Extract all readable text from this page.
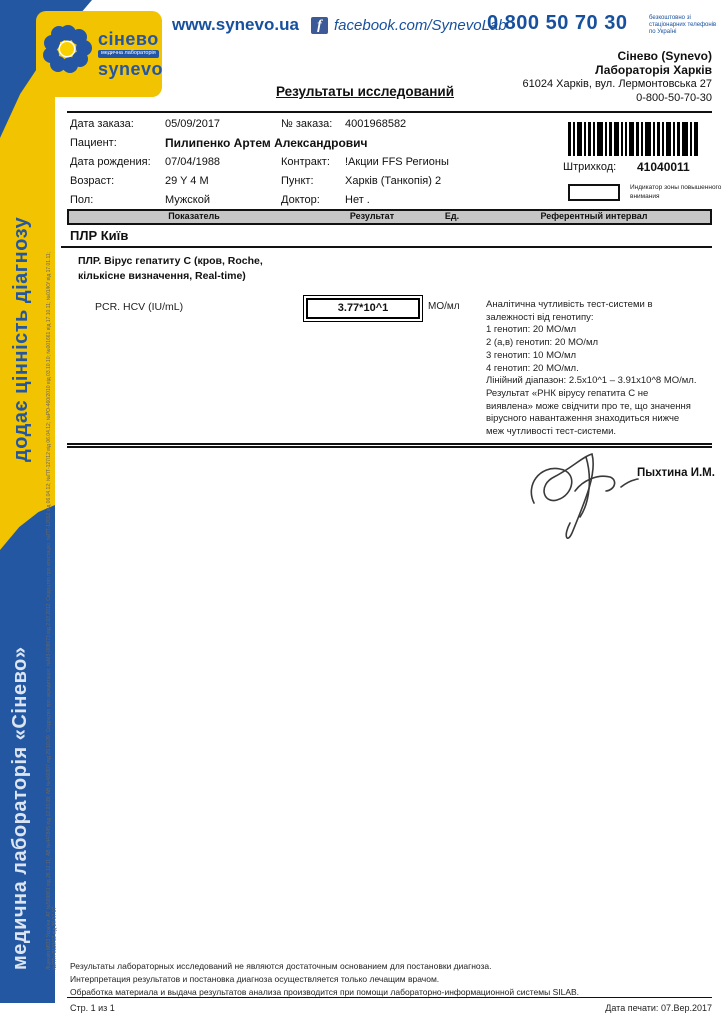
додає цінність діагнозу
медична лабораторія «Сінево»	Ліцензія МОЗ України: АГ №569861 від 26.12.11; АВ №447845 від 12.03.09; АВ №460307 від 29.10.09. Свідоцтво про акредитацію: №МЗ-008673 від 2.03.2012. Свідоцтво про атестацію: №ПТ-12012 від 06.04.12; №ПТ-127/12 від 06.04.12; №РО-460/2010 від 03.10.10; №001661 від 17.10.11; №01/КУ від 17.01.11; №ПТн-0110/12 від 20.07.17
сінево
медична лабораторія
synevo
www.synevo.ua	f facebook.com/SynevoLab
0 800 50 70 30	безкоштовно зі стаціонарних телефонів по Україні
Сінево (Synevo)
Лабораторія Харків
61024 Харків, вул. Лермонтовська 27
0-800-50-70-30
Результаты исследований
Дата заказа:	05/09/2017	№ заказа: 4001968582
Пациент:	Пилипенко Артем Александрович
Дата рождения: 07/04/1988	Контракт: !Акции FFS Регионы
Возраст:	29 Y 4 M	Пункт:	Харків (Танкопія) 2
Пол:	Мужской	Доктор: Нет .
Штрихкод: 41040011
Индикатор зоны повышенного внимания
Показатель	Результат	Ед.	Референтный интервал
ПЛР Київ
ПЛР. Вірус гепатиту C (кров, Roche,
кількісне визначення, Real-time)
PCR. HCV (IU/mL)	3.77*10^1	МО/мл	Аналітична чутливість тест-системи в
залежності від генотипу:
1 генотип: 20 МО/мл
2 (а,в) генотип: 20 МО/мл
3 генотип: 10 МО/мл
4 генотип: 20 МО/мл.
Лінійний діапазон: 2.5x10^1 – 3.91x10^8 МО/мл.
Результат «РНК вірусу гепатита С не
виявлена» може свідчити про те, що значення
вірусного навантаження знаходиться нижче
меж чутливості тест-системи.
Пыхтина И.М.
Результаты лабораторных исследований не являются достаточным основанием для постановки диагноза.
Интерпретация результатов и постановка диагноза осуществляется только лечащим врачом.
Обработка материала и выдача результатов анализа производится при помощи лабораторно-информационной системы SILAB.
Стр. 1 из 1	Дата печати: 07.Вер.2017
